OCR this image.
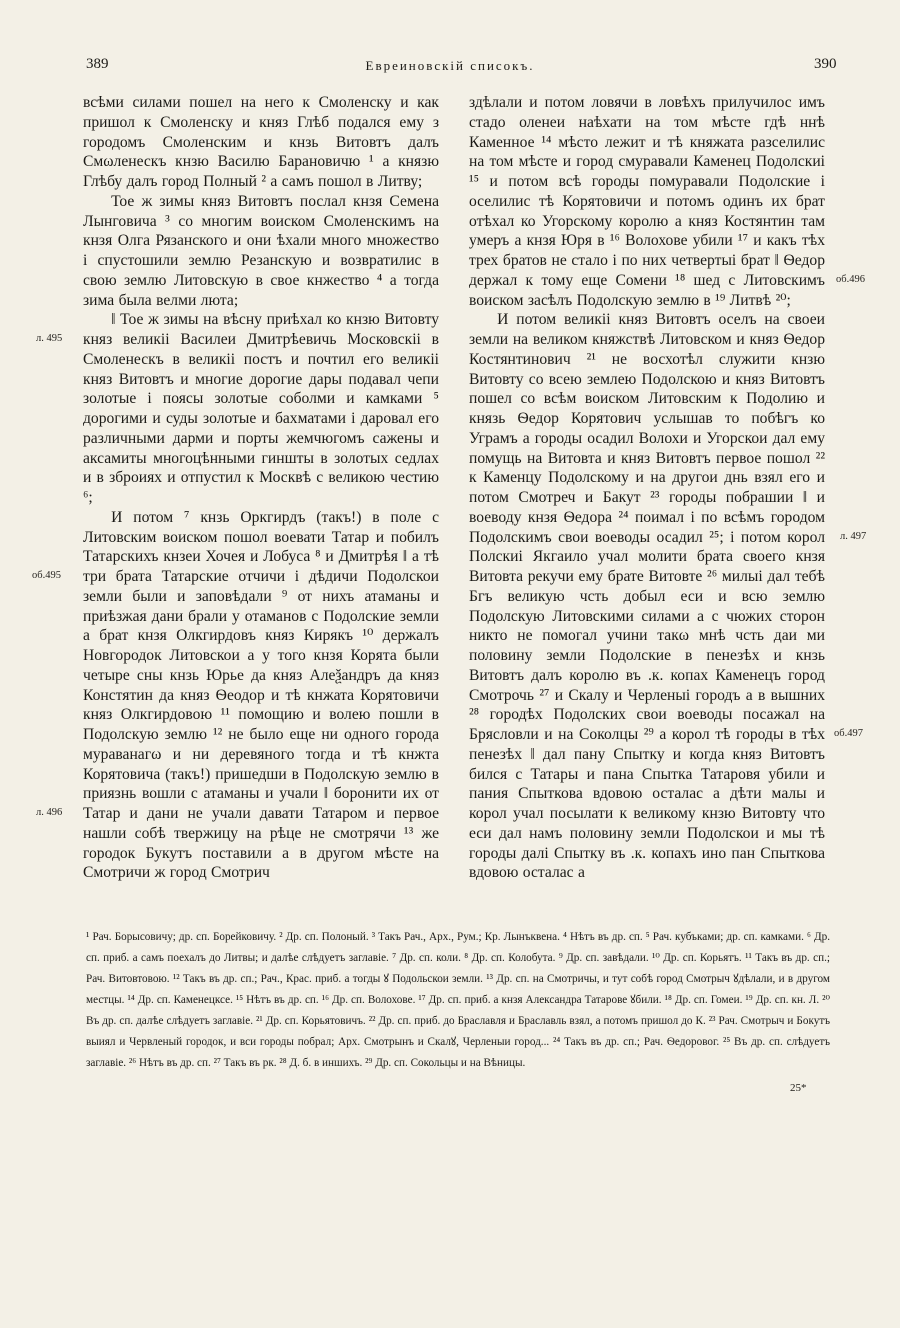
389	Евреиновскій списокъ.	390

всѣми силами пошел на него к Смоленску и как пришол к Смоленску и княз Глѣб подался ему з городомъ Смоленским и кнзь Витовтъ далъ Смωленескъ кнзю Василю Барановичю ¹ а князю Глѣбу далъ город Полный ² а самъ пошол в Литву;

Тое ж зимы княз Витовтъ послал кнзя Семена Лынговича ³ со многим воиском Смоленскимъ на кнзя Олга Рязанского и они ѣхали много множество і спустошили землю Резанскую и возвратилис в свою землю Литовскую в свое кнжество ⁴ а тогда зима была велми люта;

‖ Тое ж зимы на вѣсну приѣхал ко кнзю Витовту княз великіі Василеи Дмитрѣевичь Московскіі в Смоленескъ в великіі постъ и почтил его великіі княз Витовтъ и многие дорогие дары подавал чепи золотые і поясы золотые соболми и камками ⁵ дорогими и суды золотые и бахматами і даровал его различными дарми и порты жемчюгомъ сажены и аксамиты многоцѣнными гиншты в золотых седлах и в зброиях и отпустил к Москвѣ с великою честию ⁶;

И потом ⁷ кнзь Оркгирдъ (такъ!) в поле с Литовским воиском пошол воевати Татар и побилъ Татарскихъ кнзеи Хочея и Лобуса ⁸ и Дмитрѣя ‖ а тѣ три брата Татарские отчичи і дѣдичи Подолскои земли были и заповѣдали ⁹ от нихъ атаманы и приѣзжая дани брали у отаманов с Подолские земли а брат кнзя Олкгирдовъ княз Кирякъ ¹⁰ держалъ Новгородок Литовскои а у того кнзя Корята были четыре сны кнзь Юрье да княз Алеѯандръ да княз Констятин да княз Ѳеодор и тѣ кнжата Корятовичи княз Олкгирдовою ¹¹ помощию и волею пошли в Подолскую землю ¹² не было еще ни одного города мураванагω и ни деревяного тогда и тѣ кнжта Корятовича (такъ!) пришедши в Подолскую землю в приязнь вошли с атаманы и учали ‖ боронити их от Татар и дани не учали давати Татаром и первое нашли собѣ твержицу на рѣце не смотрячи ¹³ же городок Букутъ поставили а в другом мѣсте на Смотричи ж город Смотрич

здѣлали и потом ловячи в ловѣхъ прилучилос имъ стадо оленеи наѣхати на том мѣсте гдѣ ннѣ Каменное ¹⁴ мѣсто лежит и тѣ княжата разселилис на том мѣсте и город смуравали Каменец Подолскиі ¹⁵ и потом всѣ городы помуравали Подолские і оселилис тѣ Корятовичи и потомъ одинъ их брат отѣхал ко Угорскому королю а княз Костянтин там умеръ а кнзя Юря в ¹⁶ Волохове убили ¹⁷ и какъ тѣх трех братов не стало і по них четвертыі брат ‖ Ѳедор держал к тому еще Сомени ¹⁸ шед с Литовскимъ воиском засѣлъ Подолскую землю в ¹⁹ Литвѣ ²⁰;

И потом великіі княз Витовтъ оселъ на своеи земли на великом княжствѣ Литовском и княз Ѳедор Костянтинович ²¹ не восхотѣл служити кнзю Витовту со всею землею Подолскою и княз Витовтъ пошел со всѣм воиском Литовским к Подолию и князь Ѳедор Корятович услышав то побѣгъ ко Уграмъ а городы осадил Волохи и Угорскои дал ему помущь на Витовта и княз Витовтъ первое пошол ²² к Каменцу Подолскому и на другои днь взял его и потом Смотреч и Бакут ²³ городы побрашии ‖ и воеводу кнзя Ѳедора ²⁴ поимал і по всѣмъ городом Подолскимъ свои воеводы осадил ²⁵; і потом корол Полскиі Якгаило учал молити брата своего кнзя Витовта рекучи ему брате Витовте ²⁶ милыі дал тебѣ Бгъ великую чсть добыл еси и всю землю Подолскую Литовскими силами а с чюжих сторон никто не помогал учини такω мнѣ чсть даи ми половину земли Подолские в пенезѣх и кнзь Витовтъ далъ королю въ .к. копах Каменецъ город Смотрочь ²⁷ и Скалу и Черленыі городъ а в вышних ²⁸ городѣх Подолских свои воеводы посажал на Брясловли и на Соколцы ²⁹ а корол тѣ городы в тѣх пенезѣх ‖ дал пану Спытку и когда княз Витовтъ бился с Татары и пана Спыткa Татаровя убили и пания Спыткова вдовою осталас а дѣти малы и корол учал посылати к великому кнзю Витовту что еси дал намъ половину земли Подолскои и мы тѣ городы далі Спытку въ .к. копахъ ино пан Спыткова вдовою осталас а

л. 495
об.495
л. 496
об.496
л. 497
об.497

¹ Рач. Борысовичу; др. сп. Борейковичу. ² Др. сп. Полоный. ³ Такъ Рач., Арх., Рум.; Кр. Лынъквена. ⁴ Нѣтъ въ др. сп. ⁵ Рач. кубъками; др. сп. камками. ⁶ Др. сп. приб. а самъ поехалъ до Литвы; и далѣе слѣдуетъ заглавіе. ⁷ Др. сп. коли. ⁸ Др. сп. Колобута. ⁹ Др. сп. завѣдали. ¹⁰ Др. сп. Корьятъ. ¹¹ Такъ въ др. сп.; Рач. Витовтовою. ¹² Такъ въ др. сп.; Рач., Крас. приб. а тогды ꙋ Подольскои земли. ¹³ Др. сп. на Смотричы, и тут собѣ город Смотрыч ꙋдѣлали, и в другом местцы. ¹⁴ Др. сп. Каменецксе. ¹⁵ Нѣтъ въ др. сп. ¹⁶ Др. сп. Волохове. ¹⁷ Др. сп. приб. а кнзя Александра Татарове ꙋбили. ¹⁸ Др. сп. Гомеи. ¹⁹ Др. сп. кн. Л. ²⁰ Въ др. сп. далѣе слѣдуетъ заглавіе. ²¹ Др. сп. Корьятовичъ. ²² Др. сп. приб. до Браславля и Браславль взял, а потомъ пришол до К. ²³ Рач. Смотрыч и Бокутъ выиял и Червленый городок, и вси городы побрал; Арх. Смотрынъ и Скалꙋ, Черленыи город... ²⁴ Такъ въ др. сп.; Рач. Ѳедоровог. ²⁵ Въ др. сп. слѣдуетъ заглавіе. ²⁶ Нѣтъ въ др. сп. ²⁷ Такъ въ рк. ²⁸ Д. б. в иншихъ. ²⁹ Др. сп. Сокольцы и на Вѣницы.

25*
